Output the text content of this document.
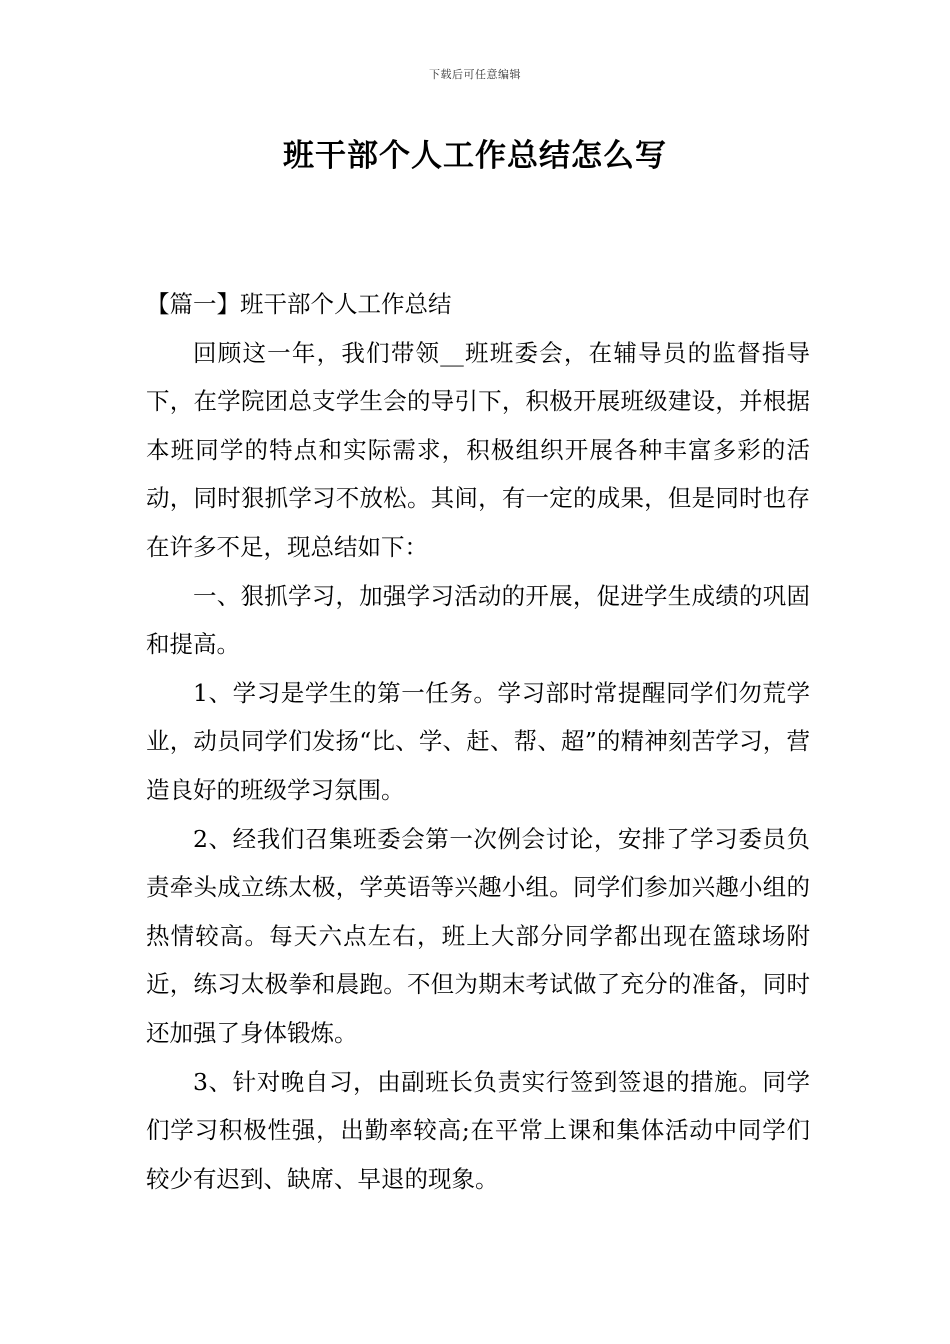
下载后可任意编辑
班干部个人工作总结怎么写

【篇一】班干部个人工作总结

回顾这一年，我们带领__班班委会，在辅导员的监督指导下，在学院团总支学生会的导引下，积极开展班级建设，并根据本班同学的特点和实际需求，积极组织开展各种丰富多彩的活动，同时狠抓学习不放松。其间，有一定的成果，但是同时也存在许多不足，现总结如下：

一、狠抓学习，加强学习活动的开展，促进学生成绩的巩固和提高。

1、学习是学生的第一任务。学习部时常提醒同学们勿荒学业，动员同学们发扬“比、学、赶、帮、超”的精神刻苦学习，营造良好的班级学习氛围。

2、经我们召集班委会第一次例会讨论，安排了学习委员负责牵头成立练太极，学英语等兴趣小组。同学们参加兴趣小组的热情较高。每天六点左右，班上大部分同学都出现在篮球场附近，练习太极拳和晨跑。不但为期末考试做了充分的准备，同时还加强了身体锻炼。

3、针对晚自习，由副班长负责实行签到签退的措施。同学们学习积极性强，出勤率较高;在平常上课和集体活动中同学们较少有迟到、缺席、早退的现象。
